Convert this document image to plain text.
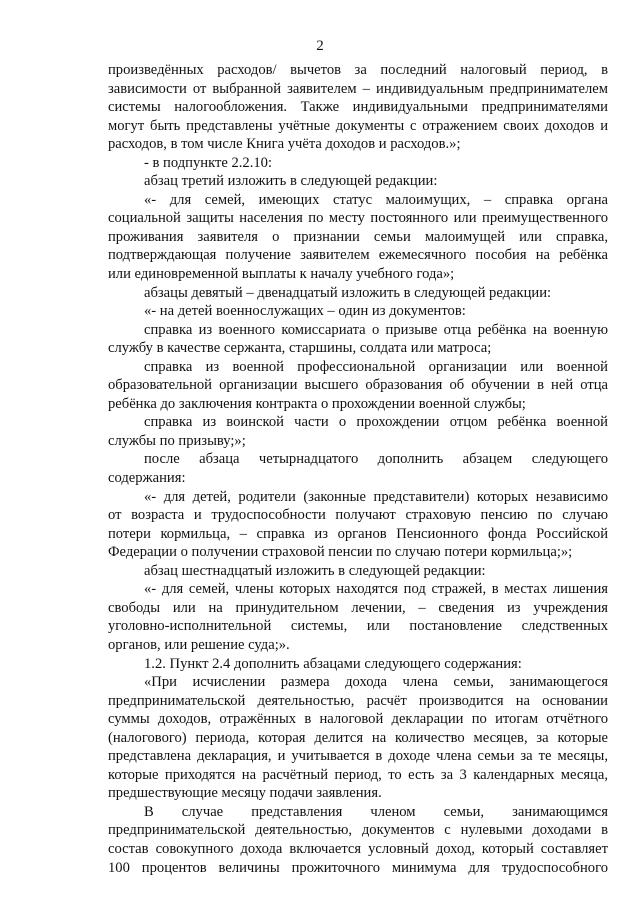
2

произведённых расходов/ вычетов за последний налоговый период, в

зависимости от выбранной заявителем – индивидуальным предпринимателем

системы налогообложения. Также индивидуальными предпринимателями

могут быть представлены учётные документы с отражением своих доходов и

расходов, в том числе Книга учёта доходов и расходов.»;

- в подпункте 2.2.10:

абзац третий изложить в следующей редакции:

«- для семей, имеющих статус малоимущих, – справка органа

социальной защиты населения по месту постоянного или преимущественного

проживания заявителя о признании семьи малоимущей или справка,

подтверждающая получение заявителем ежемесячного пособия на ребёнка

или единовременной выплаты к началу учебного года»;

абзацы девятый – двенадцатый изложить в следующей редакции:

«- на детей военнослужащих – один из документов:

справка из военного комиссариата о призыве отца ребёнка на военную

службу в качестве сержанта, старшины, солдата или матроса;

справка из военной профессиональной организации или военной

образовательной организации высшего образования об обучении в ней отца

ребёнка до заключения контракта о прохождении военной службы;

справка из воинской части о прохождении отцом ребёнка военной

службы по призыву;»;

после абзаца четырнадцатого дополнить абзацем следующего

содержания:

«- для детей, родители (законные представители) которых независимо

от возраста и трудоспособности получают страховую пенсию по случаю

потери кормильца, – справка из органов Пенсионного фонда Российской

Федерации о получении страховой пенсии по случаю потери кормильца;»;

абзац шестнадцатый изложить в следующей редакции:

«- для семей, члены которых находятся под стражей, в местах лишения

свободы или на принудительном лечении, – сведения из учреждения

уголовно-исполнительной системы, или постановление следственных

органов, или решение суда;».

1.2. Пункт 2.4 дополнить абзацами следующего содержания:

«При исчислении размера дохода члена семьи, занимающегося

предпринимательской деятельностью, расчёт производится на основании

суммы доходов, отражённых в налоговой декларации по итогам отчётного

(налогового) периода, которая делится на количество месяцев, за которые

представлена декларация, и учитывается в доходе члена семьи за те месяцы,

которые приходятся на расчётный период, то есть за 3 календарных месяца,

предшествующие месяцу подачи заявления.

В случае представления членом семьи, занимающимся

предпринимательской деятельностью, документов с нулевыми доходами в

состав совокупного дохода включается условный доход, который составляет

100 процентов величины прожиточного минимума для трудоспособного
